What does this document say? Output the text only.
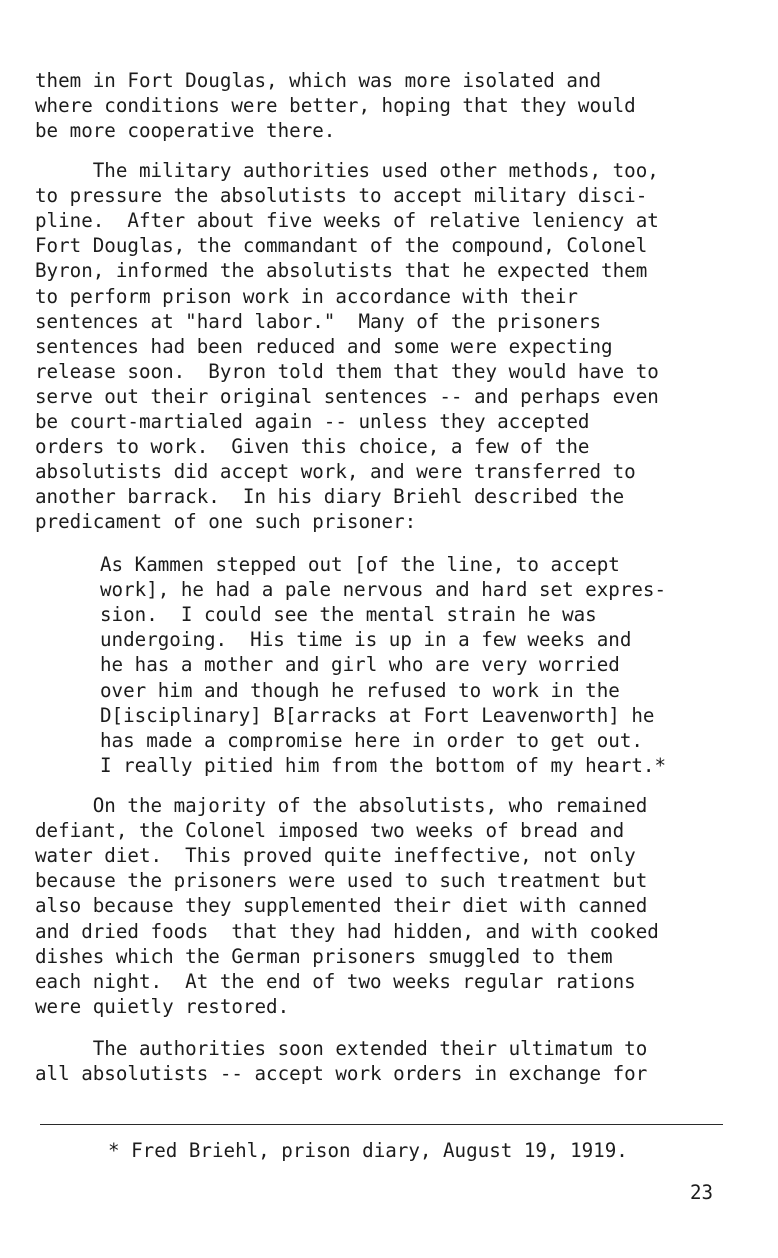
them in Fort Douglas, which was more isolated and
where conditions were better, hoping that they would
be more cooperative there.
The military authorities used other methods, too,
to pressure the absolutists to accept military disci-
pline.  After about five weeks of relative leniency at
Fort Douglas, the commandant of the compound, Colonel
Byron, informed the absolutists that he expected them
to perform prison work in accordance with their
sentences at "hard labor."  Many of the prisoners
sentences had been reduced and some were expecting
release soon.  Byron told them that they would have to
serve out their original sentences -- and perhaps even
be court-martialed again -- unless they accepted
orders to work.  Given this choice, a few of the
absolutists did accept work, and were transferred to
another barrack.  In his diary Briehl described the
predicament of one such prisoner:
As Kammen stepped out [of the line, to accept
work], he had a pale nervous and hard set expres-
sion.  I could see the mental strain he was
undergoing.  His time is up in a few weeks and
he has a mother and girl who are very worried
over him and though he refused to work in the
D[isciplinary] B[arracks at Fort Leavenworth] he
has made a compromise here in order to get out.
I really pitied him from the bottom of my heart.*
On the majority of the absolutists, who remained
defiant, the Colonel imposed two weeks of bread and
water diet.  This proved quite ineffective, not only
because the prisoners were used to such treatment but
also because they supplemented their diet with canned
and dried foods  that they had hidden, and with cooked
dishes which the German prisoners smuggled to them
each night.  At the end of two weeks regular rations
were quietly restored.
The authorities soon extended their ultimatum to
all absolutists -- accept work orders in exchange for
* Fred Briehl, prison diary, August 19, 1919.
23
